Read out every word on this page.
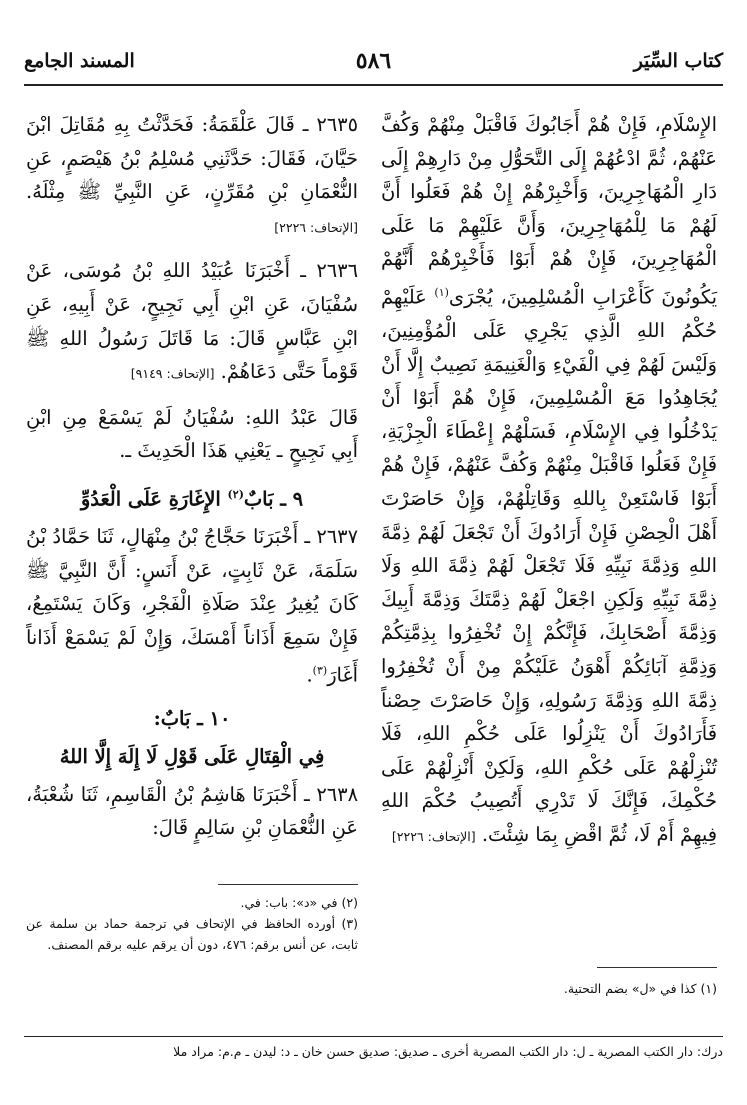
كتاب السِّيَر
٥٨٦
المسند الجامع

الإِسْلَامِ، فَإِنْ هُمْ أَجَابُوكَ فَاقْبَلْ مِنْهُمْ وَكُفَّ عَنْهُمْ، ثُمَّ ادْعُهُمْ إِلَى التَّحَوُّلِ مِنْ دَارِهِمْ إِلَى دَارِ الْمُهَاجِرِينَ، وَأَخْبِرْهُمْ إِنْ هُمْ فَعَلُوا أَنَّ لَهُمْ مَا لِلْمُهَاجِرِينَ، وَأَنَّ عَلَيْهِمْ مَا عَلَى الْمُهَاجِرِينَ، فَإِنْ هُمْ أَبَوْا فَأَخْبِرْهُمْ أَنَّهُمْ يَكُونُونَ كَأَعْرَابِ الْمُسْلِمِينَ، يُجْرَى$^{(١)}$ عَلَيْهِمْ حُكْمُ اللهِ الَّذِي يَجْرِي عَلَى الْمُؤْمِنِينَ، وَلَيْسَ لَهُمْ فِي الْفَيْءِ وَالْغَنِيمَةِ نَصِيبٌ إِلَّا أَنْ يُجَاهِدُوا مَعَ الْمُسْلِمِينَ، فَإِنْ هُمْ أَبَوْا أَنْ يَدْخُلُوا فِي الإِسْلَامِ، فَسَلْهُمْ إِعْطَاءَ الْجِزْيَةِ، فَإِنْ فَعَلُوا فَاقْبَلْ مِنْهُمْ وَكُفَّ عَنْهُمْ، فَإِنْ هُمْ أَبَوْا فَاسْتَعِنْ بِاللهِ وَقَاتِلْهُمْ، وَإِنْ حَاصَرْتَ أَهْلَ الْحِصْنِ فَإِنْ أَرَادُوكَ أَنْ تَجْعَلَ لَهُمْ ذِمَّةَ اللهِ وَذِمَّةَ نَبِيِّهِ فَلَا تَجْعَلْ لَهُمْ ذِمَّةَ اللهِ وَلَا ذِمَّةَ نَبِيِّهِ وَلَكِنِ اجْعَلْ لَهُمْ ذِمَّتَكَ وَذِمَّةَ أَبِيكَ وَذِمَّةَ أَصْحَابِكَ، فَإِنَّكُمْ إِنْ تُخْفِرُوا بِذِمَّتِكُمْ وَذِمَّةِ آبَائِكُمْ أَهْوَنُ عَلَيْكُمْ مِنْ أَنْ تُخْفِرُوا ذِمَّةَ اللهِ وَذِمَّةَ رَسُولِهِ، وَإِنْ حَاصَرْتَ حِصْناً فَأَرَادُوكَ أَنْ يَنْزِلُوا عَلَى حُكْمِ اللهِ، فَلَا تُنْزِلْهُمْ عَلَى حُكْمِ اللهِ، وَلَكِنْ أَنْزِلْهُمْ عَلَى حُكْمِكَ، فَإِنَّكَ لَا تَدْرِي أَتُصِيبُ حُكْمَ اللهِ فِيهِمْ أَمْ لَا، ثُمَّ اقْضِ بِمَا شِئْتَ. [الإتحاف: ٢٢٢٦]

٢٦٣٥ ـ قَالَ عَلْقَمَةُ: فَحَدَّثْتُ بِهِ مُقَاتِلَ ابْنَ حَيَّانَ، فَقَالَ: حَدَّثَنِي مُسْلِمُ بْنُ هَيْصَمٍ، عَنِ النُّعْمَانِ بْنِ مُقَرِّنٍ، عَنِ النَّبِيِّ ﷺ مِثْلَهُ. [الإتحاف: ٢٢٢٦]

٢٦٣٦ ـ أَخْبَرَنَا عُبَيْدُ اللهِ بْنُ مُوسَى، عَنْ سُفْيَانَ، عَنِ ابْنِ أَبِي نَجِيحٍ، عَنْ أَبِيهِ، عَنِ ابْنِ عَبَّاسٍ قَالَ: مَا قَاتَلَ رَسُولُ اللهِ ﷺ قَوْماً حَتَّى دَعَاهُمْ. [الإتحاف: ٩١٤٩]

قَالَ عَبْدُ اللهِ: سُفْيَانُ لَمْ يَسْمَعْ مِنِ ابْنِ أَبِي نَجِيحٍ ـ يَعْنِي هَذَا الْحَدِيثَ ـ.

٩ ـ بَابٌ$^{(٢)}$ الإِغَارَةِ عَلَى الْعَدُوِّ

٢٦٣٧ ـ أَخْبَرَنَا حَجَّاجُ بْنُ مِنْهَالٍ، ثَنَا حَمَّادُ بْنُ سَلَمَةَ، عَنْ ثَابِتٍ، عَنْ أَنَسٍ: أَنَّ النَّبِيَّ ﷺ كَانَ يُغِيرُ عِنْدَ صَلَاةِ الْفَجْرِ، وَكَانَ يَسْتَمِعُ، فَإِنْ سَمِعَ أَذَاناً أَمْسَكَ، وَإِنْ لَمْ يَسْمَعْ أَذَاناً أَغَارَ$^{(٣)}$.

١٠ ـ بَابٌ:

فِي الْقِتَالِ عَلَى قَوْلِ لَا إِلَهَ إِلَّا اللهُ

٢٦٣٨ ـ أَخْبَرَنَا هَاشِمُ بْنُ الْقَاسِمِ، ثَنَا شُعْبَةُ، عَنِ النُّعْمَانِ بْنِ سَالِمٍ قَالَ:

(١) كذا في «ل» بضم التحتية.
(٢) في «د»: باب: في.
(٣) أورده الحافظ في الإتحاف في ترجمة حماد بن سلمة عن ثابت، عن أنس برقم: ٤٧٦، دون أن يرقم عليه برقم المصنف.
درك: دار الكتب المصرية ـ ل: دار الكتب المصرية أخرى ـ صديق: صديق حسن خان ـ د: ليدن ـ م.م: مراد ملا
